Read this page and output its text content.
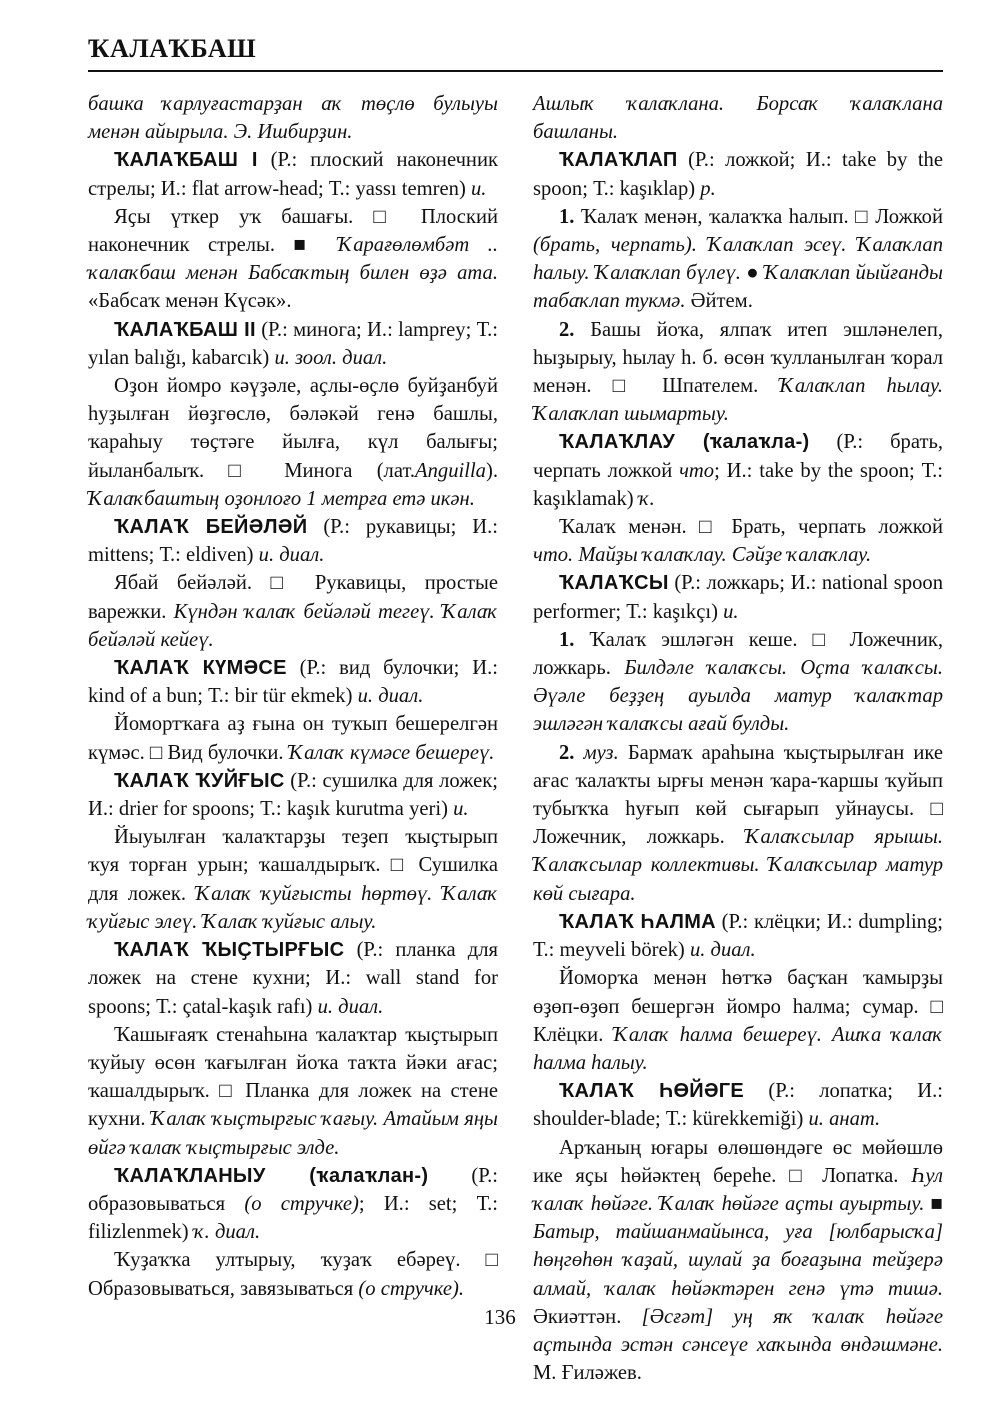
ҠАЛАҠБАШ

башка ҡарлуғастарҙан аҡ төҫлө булыуы менән айырыла. Э. Ишбирҙин.

ҠАЛАҠБАШ I (Р.: плоский наконечник стрелы; И.: flat arrow-head; Т.: yassı temren) и.

Яҫы үткер уҡ башағы. □ Плоский наконечник стрелы. ■ Ҡарағөлөмбәт .. ҡалаҡбаш менән Бабсаҡтың билен өҙә ата. «Бабсаҡ менән Күсәк».

ҠАЛАҠБАШ II (Р.: минога; И.: lamprey; Т.: yılan balığı, kabarcık) и. зоол. диал.

Оҙон йомро кәүҙәле, аҫлы-өҫлө буйҙанбуй һуҙылған йөҙгөслө, бәләкәй генә башлы, ҡараһыу төҫтәге йылға, күл балығы; йыланбалыҡ. □ Минога (лат.Anguilla). Ҡалаҡбаштың оҙонлоғо 1 метрға етә икән.

ҠАЛАҠ БЕЙӘЛӘЙ (Р.: рукавицы; И.: mittens; Т.: eldiven) и. диал.

Ябай бейәләй. □ Рукавицы, простые варежки. Күндән ҡалаҡ бейәләй тегеү. Ҡалаҡ бейәләй кейеү.

ҠАЛАҠ КҮМӘСЕ (Р.: вид булочки; И.: kind of a bun; Т.: bir tür ekmek) и. диал.

Йомортҡаға аҙ ғына он туҡып бешерелгән күмәс. □ Вид булочки. Ҡалаҡ күмәсе бешереү.

ҠАЛАҠ ҠУЙҒЫС (Р.: сушилка для ложек; И.: drier for spoons; Т.: kaşık kurutma yeri) и.

Йыуылған ҡалаҡтарҙы теҙеп ҡыҫтырып ҡуя торған урын; ҡашалдырыҡ. □ Сушилка для ложек. Ҡалаҡ ҡуйғысты һөртөү. Ҡалаҡ ҡуйғыс элеү. Ҡалаҡ ҡуйғыс алыу.

ҠАЛАҠ ҠЫҪТЫРҒЫС (Р.: планка для ложек на стене кухни; И.: wall stand for spoons; Т.: çatal-kaşık rafı) и. диал.

Ҡашығаяҡ стенаһына ҡалаҡтар ҡыҫтырып ҡуйыу өсөн ҡағылған йоҡа таҡта йәки ағас; ҡашалдырыҡ. □ Планка для ложек на стене кухни. Ҡалаҡ ҡыҫтырғыс ҡағыу. Атайым яңы өйгә ҡалаҡ ҡыҫтырғыс элде.

ҠАЛАҠЛАНЫУ (ҡалаҡлан-) (Р.: образовываться (о стручке); И.: set; Т.: filizlenmek) ҡ. диал.

Ҡуҙаҡҡа ултырыу, ҡуҙаҡ ебәреү. □ Образовываться, завязываться (о стручке).

Ашлыҡ ҡалаҡлана. Борсаҡ ҡалаҡлана башланы.

ҠАЛАҠЛАП (Р.: ложкой; И.: take by the spoon; Т.: kaşıklap) р.

1. Ҡалаҡ менән, ҡалаҡҡа һалып. □ Ложкой (брать, черпать). Ҡалаҡлап эсеү. Ҡалаҡлап һалыу. Ҡалаҡлап бүлеү. ● Ҡалаҡлап йыйғанды табаҡлап тукмә. Әйтем.

2. Башы йоҡа, ялпаҡ итеп эшләнелеп, һыҙырыу, һылау һ. б. өсөн ҡулланылған ҡорал менән. □ Шпателем. Ҡалаҡлап һылау. Ҡалаҡлап шымартыу.

ҠАЛАҠЛАУ (ҡалаҡла-) (Р.: брать, черпать ложкой что; И.: take by the spoon; Т.: kaşıklamak) ҡ.

Ҡалаҡ менән. □ Брать, черпать ложкой что. Майҙы ҡалаҡлау. Сәйҙе ҡалаҡлау.

ҠАЛАҠСЫ (Р.: ложкарь; И.: national spoon performer; Т.: kaşıkçı) и.

1. Ҡалаҡ эшләгән кеше. □ Ложечник, ложкарь. Билдәле ҡалаҡсы. Оҫта ҡалаҡсы. Әүәле беҙҙең ауылда матур ҡалаҡтар эшләгән ҡалаҡсы ағай булды.

2. муз. Бармаҡ араһына ҡыҫтырылған ике ағас ҡалаҡты ырғы менән ҡара-ҡаршы ҡуйып тубыҡҡа һуғып көй сығарып уйнаусы. □ Ложечник, ложкарь. Ҡалаҡсылар ярышы. Ҡалаҡсылар коллективы. Ҡалаҡсылар матур көй сығара.

ҠАЛАҠ ҺАЛМА (Р.: клёцки; И.: dumpling; Т.: meyveli börek) и. диал.

Йоморҡа менән һөтҡә баҫҡан ҡамырҙы өҙөп-өҙөп бешергән йомро һалма; сумар. □ Клёцки. Ҡалаҡ һалма бешереү. Ашҡа ҡалаҡ һалма һалыу.

ҠАЛАҠ ҺӨЙӘГЕ (Р.: лопатка; И.: shoulder-blade; Т.: kürekkemiği) и. анат.

Арҡаның юғары өлөшөндәге өс мөйөшлө ике яҫы һөйәктең береһе. □ Лопатка. Һул ҡалаҡ һөйәге. Ҡалаҡ һөйәге аҫты ауыртыу. ■ Батыр, тайшанмайынса, уға [юлбарысҡа] һөңгөһөн ҡаҙай, шулай ҙа боғаҙына тейҙерә алмай, ҡалаҡ һөйәктәрен генә үтә тишә. Әкиәттән. [Әсғәт] уң яҡ ҡалаҡ һөйәге аҫтында эстән сәнсеүе хаҡында өндәшмәне. М. Ғиләжев.

136
